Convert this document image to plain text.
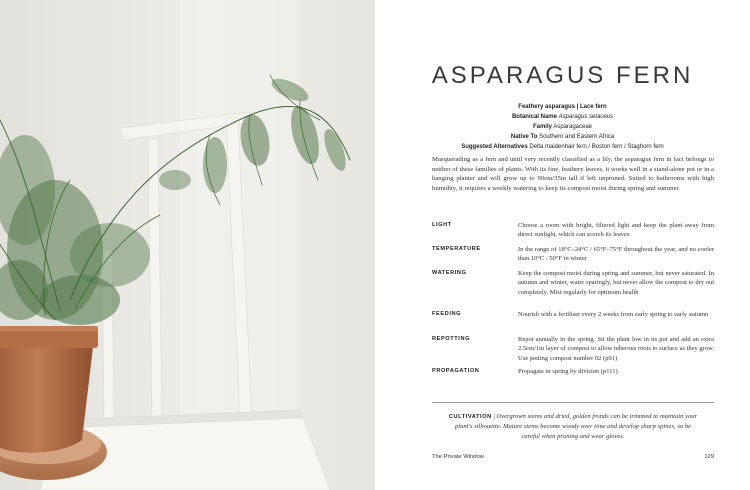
ASPARAGUS FERN
Feathery asparagus | Lace fern
Botanical Name Asparagus setaceus
Family Asparagaceae
Native To Southern and Eastern Africa
Suggested Alternatives Delta maidenhair fern / Boston fern / Staghorn fern

Masquerading as a fern and until very recently classified as a lily, the asparagus fern in fact belongs to neither of these families of plants. With its fine, feathery leaves, it works well in a stand-alone pot or in a hanging planter and will grow up to 90cm/35in tall if left unpruned. Suited to bathrooms with high humidity, it requires a weekly watering to keep its compost moist during spring and summer.

LIGHT	Choose a room with bright, filtered light and keep the plant away from direct sunlight, which can scorch its leaves
TEMPERATURE	In the range of 18°C–24°C / 65°F–75°F throughout the year, and no cooler than 10°C / 50°F in winter
WATERING	Keep the compost moist during spring and summer, but never saturated. In autumn and winter, water sparingly, but never allow the compost to dry out completely. Mist regularly for optimum health
FEEDING	Nourish with a fertiliser every 2 weeks from early spring to early autumn
REPOTTING	Repot annually in the spring. Sit the plant low in its pot and add an extra 2.5cm/1in layer of compost to allow tuberous roots to surface as they grow. Use potting compost number 02 (p91)
PROPAGATION	Propagate in spring by division (p111)
CULTIVATION | Overgrown stems and dried, golden fronds can be trimmed to maintain your plant's silhouette. Mature stems become woody over time and develop sharp spines, so be careful when pruning and wear gloves.
The Private Window	129
